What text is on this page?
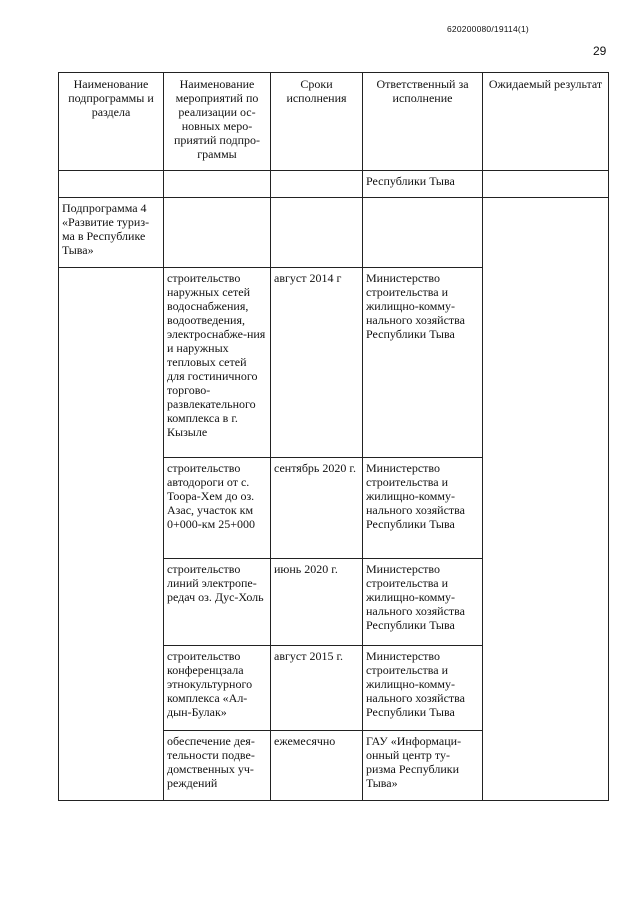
620200080/19114(1)
29
Наименование подпрограммы и раздела	Наименование мероприятий по реализации ос-новных меро-приятий подпро-граммы	Сроки исполнения	Ответственный за исполнение	Ожидаемый результат
			Республики Тыва	
Подпрограмма 4 «Развитие туриз-ма в Республике Тыва»				
	строительство наружных сетей водоснабжения, водоотведения, электроснабже-ния и наружных тепловых сетей для гостиничного торгово-развлекательного комплекса в г. Кызыле	август 2014 г	Министерство строительства и жилищно-комму-нального хозяйства Республики Тыва	
	строительство автодороги от с. Тоора-Хем до оз. Азас, участок км 0+000-км 25+000	сентябрь 2020 г.	Министерство строительства и жилищно-комму-нального хозяйства Республики Тыва	
	строительство линий электропе-редач оз. Дус-Холь	июнь 2020 г.	Министерство строительства и жилищно-комму-нального хозяйства Республики Тыва	
	строительство конференцзала этнокультурного комплекса «Ал-дын-Булак»	август 2015 г.	Министерство строительства и жилищно-комму-нального хозяйства Республики Тыва	
	обеспечение дея-тельности подве-домственных уч-реждений	ежемесячно	ГАУ «Информаци-онный центр ту-ризма Республики Тыва»	
